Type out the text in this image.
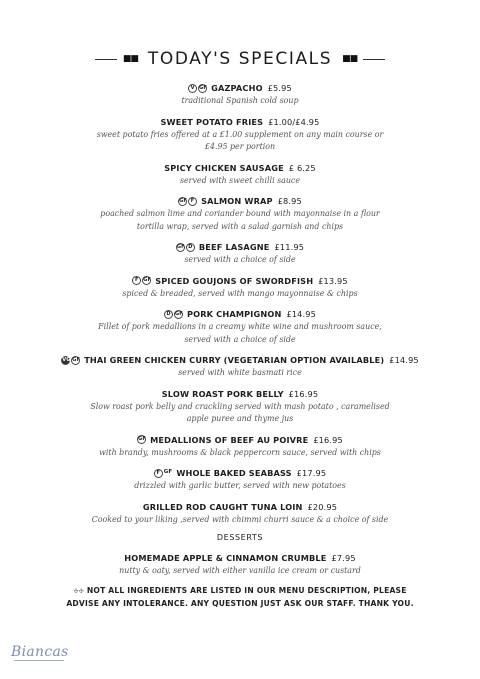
■■ TODAY'S SPECIALS ■■
V GF GAZPACHO £5.95
traditional Spanish cold soup
SWEET POTATO FRIES £1.00/£4.95
sweet potato fries offered at a £1.00 supplement on any main course or
£4.95 per portion
SPICY CHICKEN SAUSAGE £ 6.25
served with sweet chilli sauce
GF F SALMON WRAP £8.95
poached salmon lime and coriander bound with mayonnaise in a flour
tortilla wrap, served with a salad garnish and chips
GF D BEEF LASAGNE £11.95
served with a choice of side
F GF SPICED GOUJONS OF SWORDFISH £13.95
spiced & breaded, served with mango mayonnaise & chips
D GF PORK CHAMPIGNON £14.95
Fillet of pork medallions in a creamy white wine and mushroom sauce,
served with a choice of side
VG GF THAI GREEN CHICKEN CURRY (VEGETARIAN OPTION AVAILABLE) £14.95
served with white basmati rice
SLOW ROAST PORK BELLY £16.95
Slow roast pork belly and crackling served with mash potato , caramelised
apple puree and thyme jus
GF MEDALLIONS OF BEEF AU POIVRE £16.95
with brandy, mushrooms & black peppercorn sauce, served with chips
F GF WHOLE BAKED SEABASS £17.95
drizzled with garlic butter, served with new potatoes
GRILLED ROD CAUGHT TUNA LOIN £20.95
Cooked to your liking ,served with chimmi churri sauce & a choice of side
DESSERTS
HOMEMADE APPLE & CINNAMON CRUMBLE £7.95
nutty & oaty, served with either vanilla ice cream or custard
✣✣ NOT ALL INGREDIENTS ARE LISTED IN OUR MENU DESCRIPTION, PLEASE ADVISE ANY INTOLERANCE. ANY QUESTION JUST ASK OUR STAFF. THANK YOU.
Biancas
